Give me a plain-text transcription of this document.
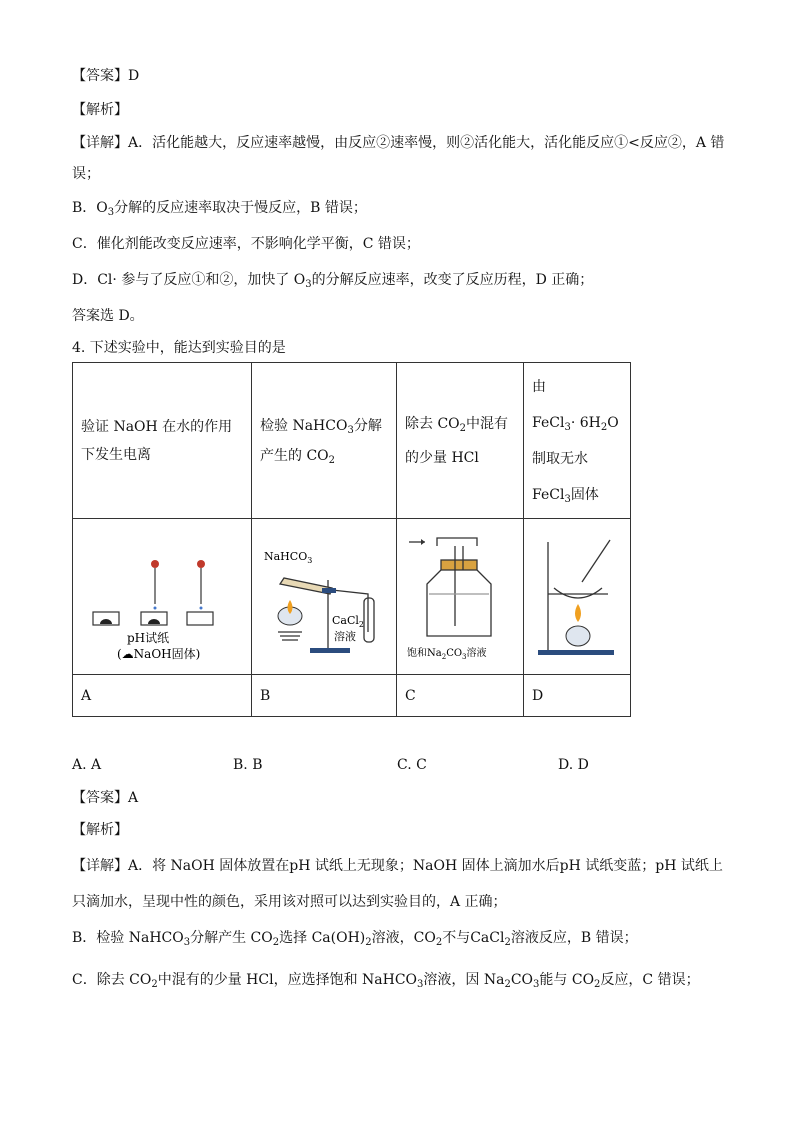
【答案】D
【解析】
【详解】A．活化能越大，反应速率越慢，由反应②速率慢，则②活化能大，活化能反应①<反应②，A 错
误；
B．$O_3$分解的反应速率取决于慢反应，B 错误；
C．催化剂能改变反应速率，不影响化学平衡，C 错误；
D．Cl· 参与了反应①和②，加快了 $O_3$的分解反应速率，改变了反应历程，D 正确；
答案选 D。
4. 下述实验中，能达到实验目的是
验证 NaOH 在水的作用下发生电离	检验 NaHCO$_3$分解产生的 $CO_2$	除去 $CO_2$中混有的少量 HCl	由
FeCl$_3$· $6H_2O$
制取无水
FeCl$_3$固体

pH试纸
(☁NaOH固体)	NaHCO$_3$
CaCl$_2$
溶液	饱和$Na_2CO_3$溶液

A	B	C	D
A. A	B. B	C. C	D. D
【答案】A
【解析】
【详解】A．将 NaOH 固体放置在pH 试纸上无现象；NaOH 固体上滴加水后pH 试纸变蓝；pH 试纸上
只滴加水，呈现中性的颜色，采用该对照可以达到实验目的，A 正确；
B．检验 NaHCO$_3$分解产生 $CO_2$选择 $Ca(OH)_2$溶液，$CO_2$不与CaCl$_2$溶液反应，B 错误；
C．除去 $CO_2$中混有的少量 HCl，应选择饱和 NaHCO$_3$溶液，因 $Na_2CO_3$能与 $CO_2$反应，C 错误；
